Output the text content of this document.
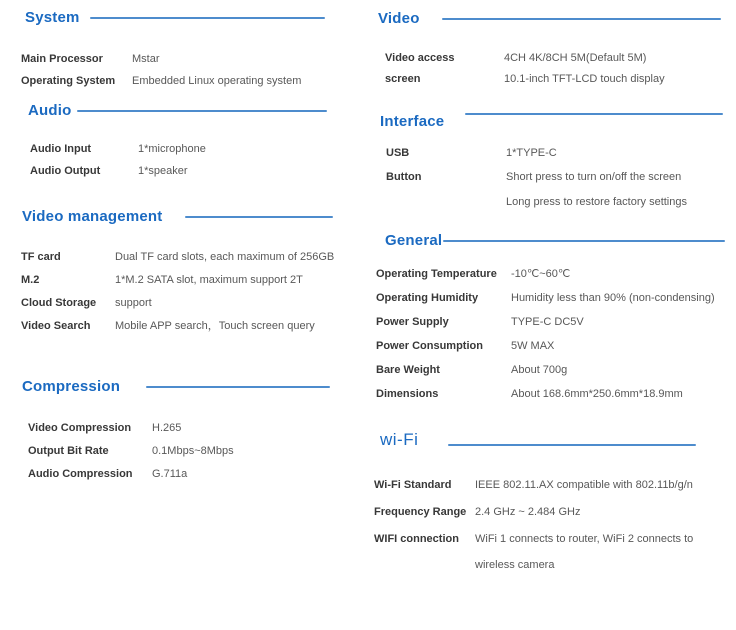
System
Main Processor	Mstar
Operating System	Embedded Linux operating system
Audio
Audio Input	1*microphone
Audio Output	1*speaker
Video management
TF card	Dual TF card slots, each maximum of 256GB
M.2	1*M.2 SATA slot, maximum support 2T
Cloud Storage	support
Video Search	Mobile APP search，Touch screen query
Compression
Video Compression	H.265
Output Bit Rate	0.1Mbps~8Mbps
Audio Compression	G.711a
Video
Video access	4CH 4K/8CH 5M(Default 5M)
screen	10.1-inch TFT-LCD touch display
Interface
USB	1*TYPE-C
Button	Short press to turn on/off the screen
Long press to restore factory settings
General
Operating Temperature	-10℃~60℃
Operating Humidity	Humidity less than 90% (non-condensing)
Power Supply	TYPE-C DC5V
Power Consumption	5W MAX
Bare Weight	About 700g
Dimensions	About 168.6mm*250.6mm*18.9mm
wi-Fi
Wi-Fi Standard	IEEE 802.11.AX compatible with 802.11b/g/n
Frequency Range 2.4 GHz ~ 2.484 GHz
WIFI connection	WiFi 1 connects to router, WiFi 2 connects to
wireless camera
